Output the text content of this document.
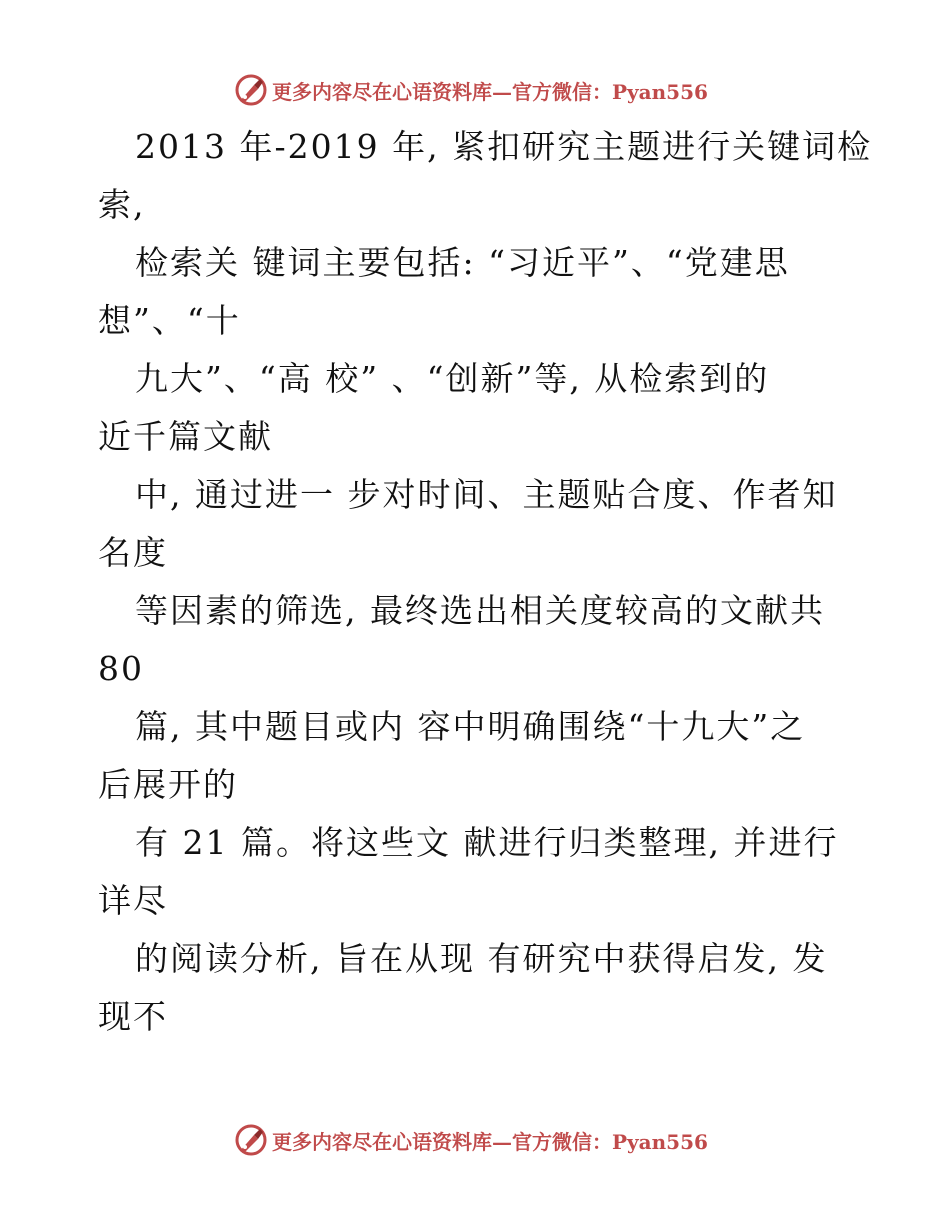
更多内容尽在心语资料库—官方微信：Pyan556
2013 年-2019 年, 紧扣研究主题进行关键词检
索,
检索关 键词主要包括: “习近平”、“党建思
想”、“十
九大”、“高 校” 、“创新”等, 从检索到的
近千篇文献
中, 通过进一 步对时间、主题贴合度、作者知
名度
等因素的筛选, 最终选出相关度较高的文献共
80
篇, 其中题目或内 容中明确围绕“十九大”之
后展开的
有 21 篇。将这些文 献进行归类整理, 并进行
详尽
的阅读分析, 旨在从现 有研究中获得启发, 发
现不
更多内容尽在心语资料库—官方微信：Pyan556
